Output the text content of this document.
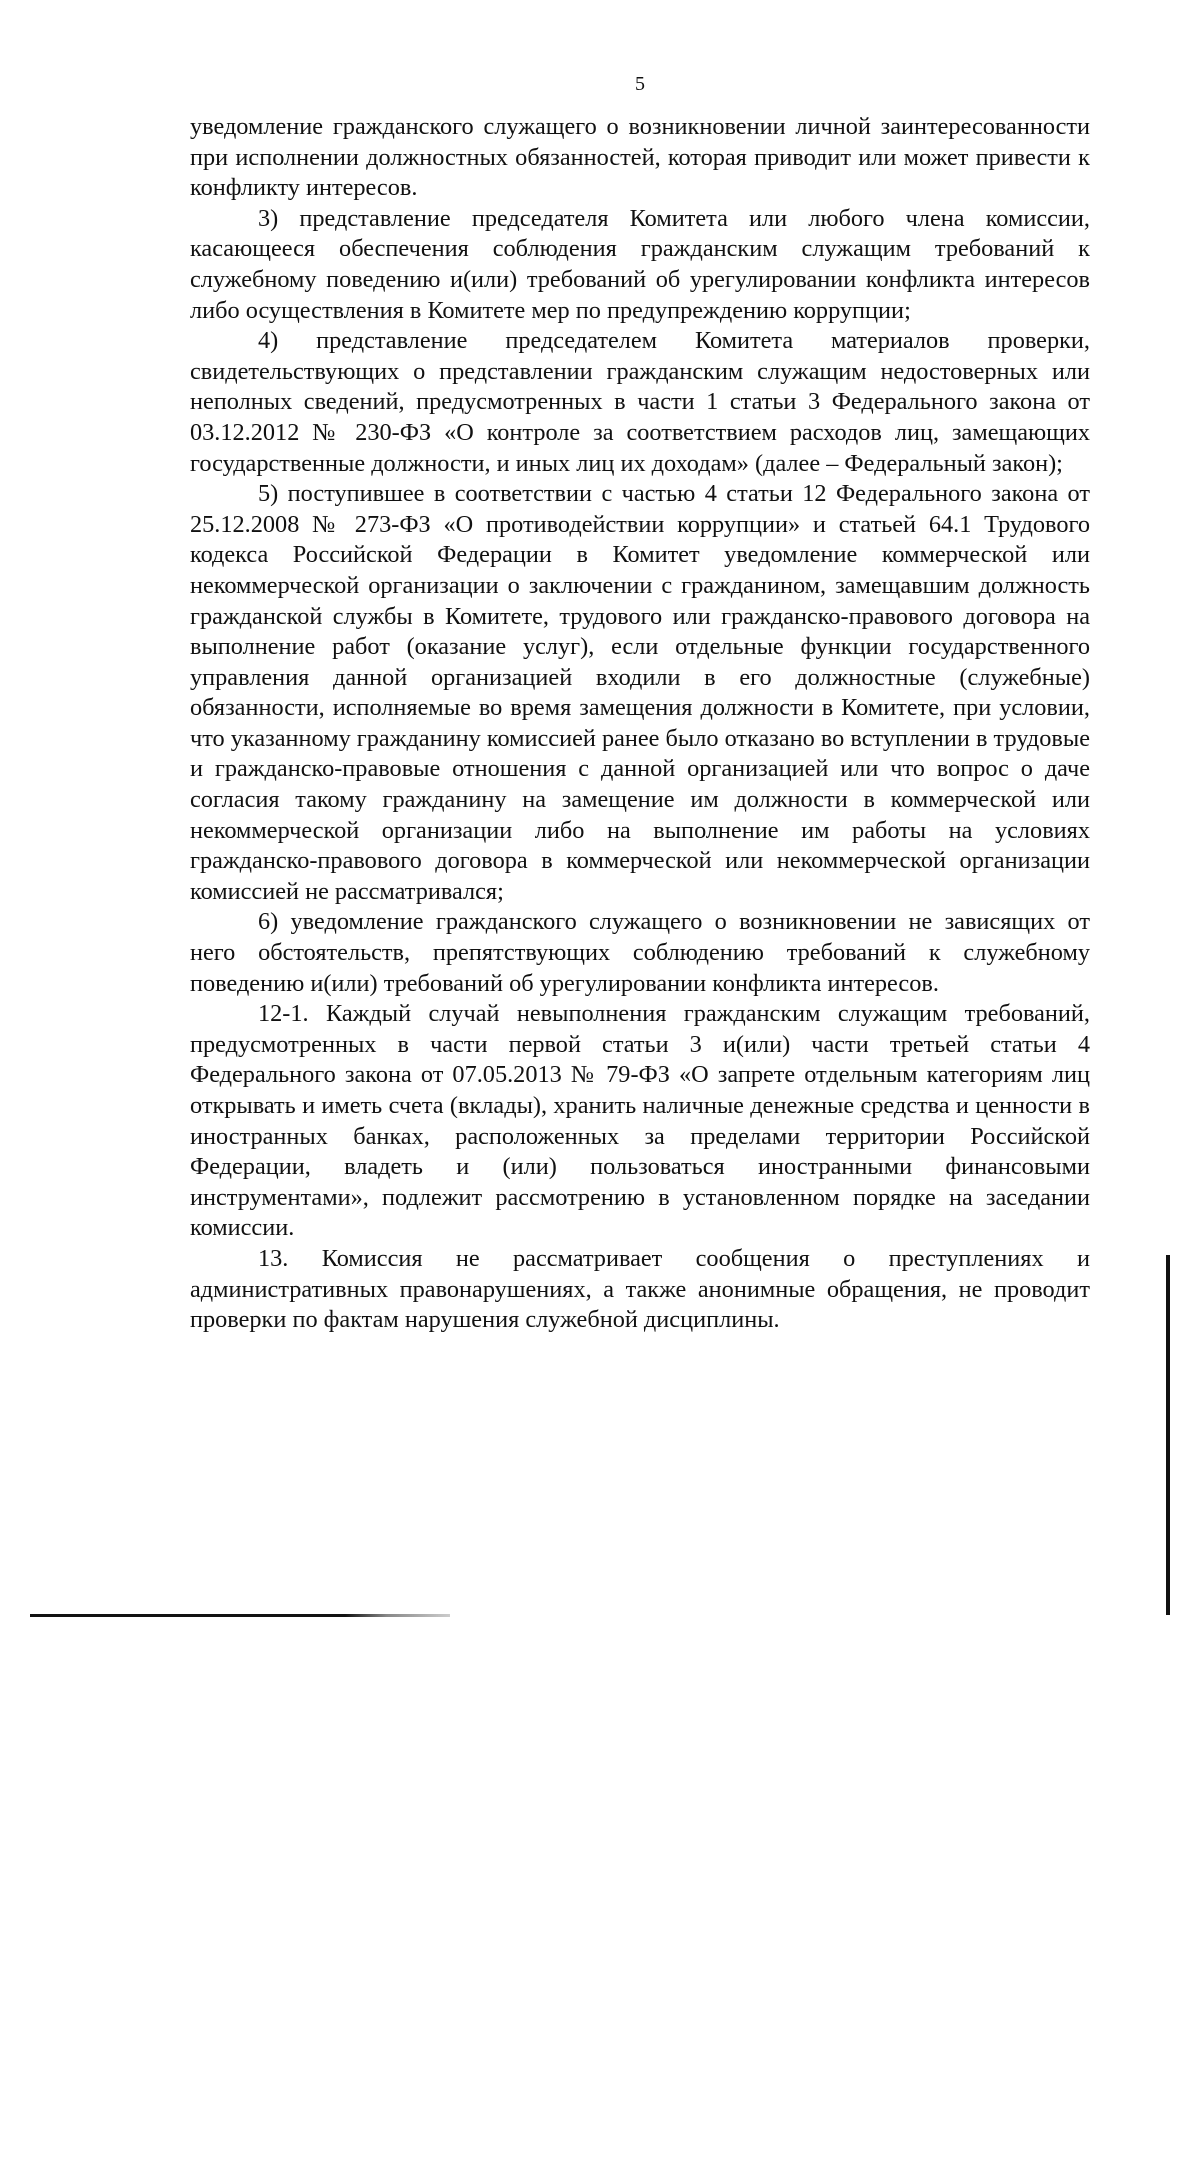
5

уведомление гражданского служащего о возникновении личной заинтересованности при исполнении должностных обязанностей, которая приводит или может привести к конфликту интересов.

3) представление председателя Комитета или любого члена комиссии, касающееся обеспечения соблюдения гражданским служащим требований к служебному поведению и(или) требований об урегулировании конфликта интересов либо осуществления в Комитете мер по предупреждению коррупции;

4) представление председателем Комитета материалов проверки, свидетельствующих о представлении гражданским служащим недостоверных или неполных сведений, предусмотренных в части 1 статьи 3 Федерального закона от 03.12.2012 № 230-ФЗ «О контроле за соответствием расходов лиц, замещающих государственные должности, и иных лиц их доходам» (далее – Федеральный закон);

5) поступившее в соответствии с частью 4 статьи 12 Федерального закона от 25.12.2008 № 273-ФЗ «О противодействии коррупции» и статьей 64.1 Трудового кодекса Российской Федерации в Комитет уведомление коммерческой или некоммерческой организации о заключении с гражданином, замещавшим должность гражданской службы в Комитете, трудового или гражданско-правового договора на выполнение работ (оказание услуг), если отдельные функции государственного управления данной организацией входили в его должностные (служебные) обязанности, исполняемые во время замещения должности в Комитете, при условии, что указанному гражданину комиссией ранее было отказано во вступлении в трудовые и гражданско-правовые отношения с данной организацией или что вопрос о даче согласия такому гражданину на замещение им должности в коммерческой или некоммерческой организации либо на выполнение им работы на условиях гражданско-правового договора в коммерческой или некоммерческой организации комиссией не рассматривался;

6) уведомление гражданского служащего о возникновении не зависящих от него обстоятельств, препятствующих соблюдению требований к служебному поведению и(или) требований об урегулировании конфликта интересов.

12-1. Каждый случай невыполнения гражданским служащим требований, предусмотренных в части первой статьи 3 и(или) части третьей статьи 4 Федерального закона от 07.05.2013 № 79-ФЗ «О запрете отдельным категориям лиц открывать и иметь счета (вклады), хранить наличные денежные средства и ценности в иностранных банках, расположенных за пределами территории Российской Федерации, владеть и (или) пользоваться иностранными финансовыми инструментами», подлежит рассмотрению в установленном порядке на заседании комиссии.

13. Комиссия не рассматривает сообщения о преступлениях и административных правонарушениях, а также анонимные обращения, не проводит проверки по фактам нарушения служебной дисциплины.
